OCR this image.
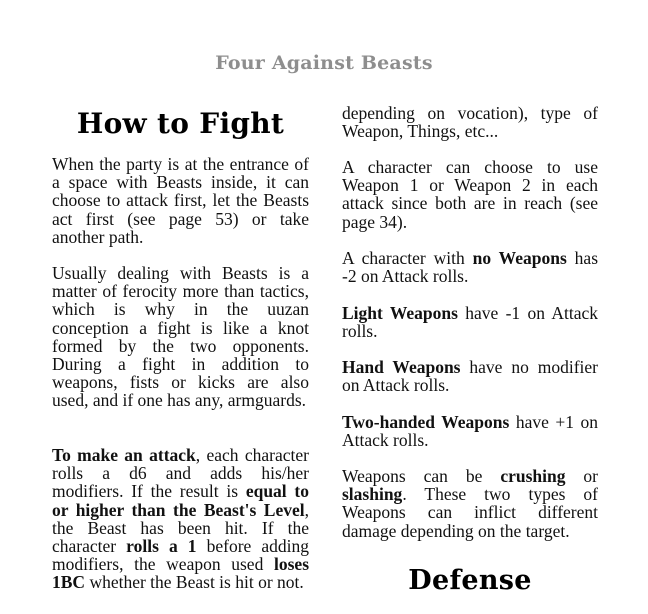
Four Against Beasts
How to Fight

When the party is at the entrance of a space with Beasts inside, it can choose to attack first, let the Beasts act first (see page 53) or take another path.

Usually dealing with Beasts is a matter of ferocity more than tactics, which is why in the uuzan conception a fight is like a knot formed by the two opponents. During a fight in addition to weapons, fists or kicks are also used, and if one has any, armguards.

To make an attack, each character rolls a d6 and adds his/her modifiers. If the result is equal to or higher than the Beast's Level, the Beast has been hit. If the character rolls a 1 before adding modifiers, the weapon used loses 1BC whether the Beast is hit or not.

depending on vocation), type of Weapon, Things, etc...

A character can choose to use Weapon 1 or Weapon 2 in each attack since both are in reach (see page 34).

A character with no Weapons has -2 on Attack rolls.

Light Weapons have -1 on Attack rolls.

Hand Weapons have no modifier on Attack rolls.

Two-handed Weapons have +1 on Attack rolls.

Weapons can be crushing or slashing. These two types of Weapons can inflict different damage depending on the target.

Defense
